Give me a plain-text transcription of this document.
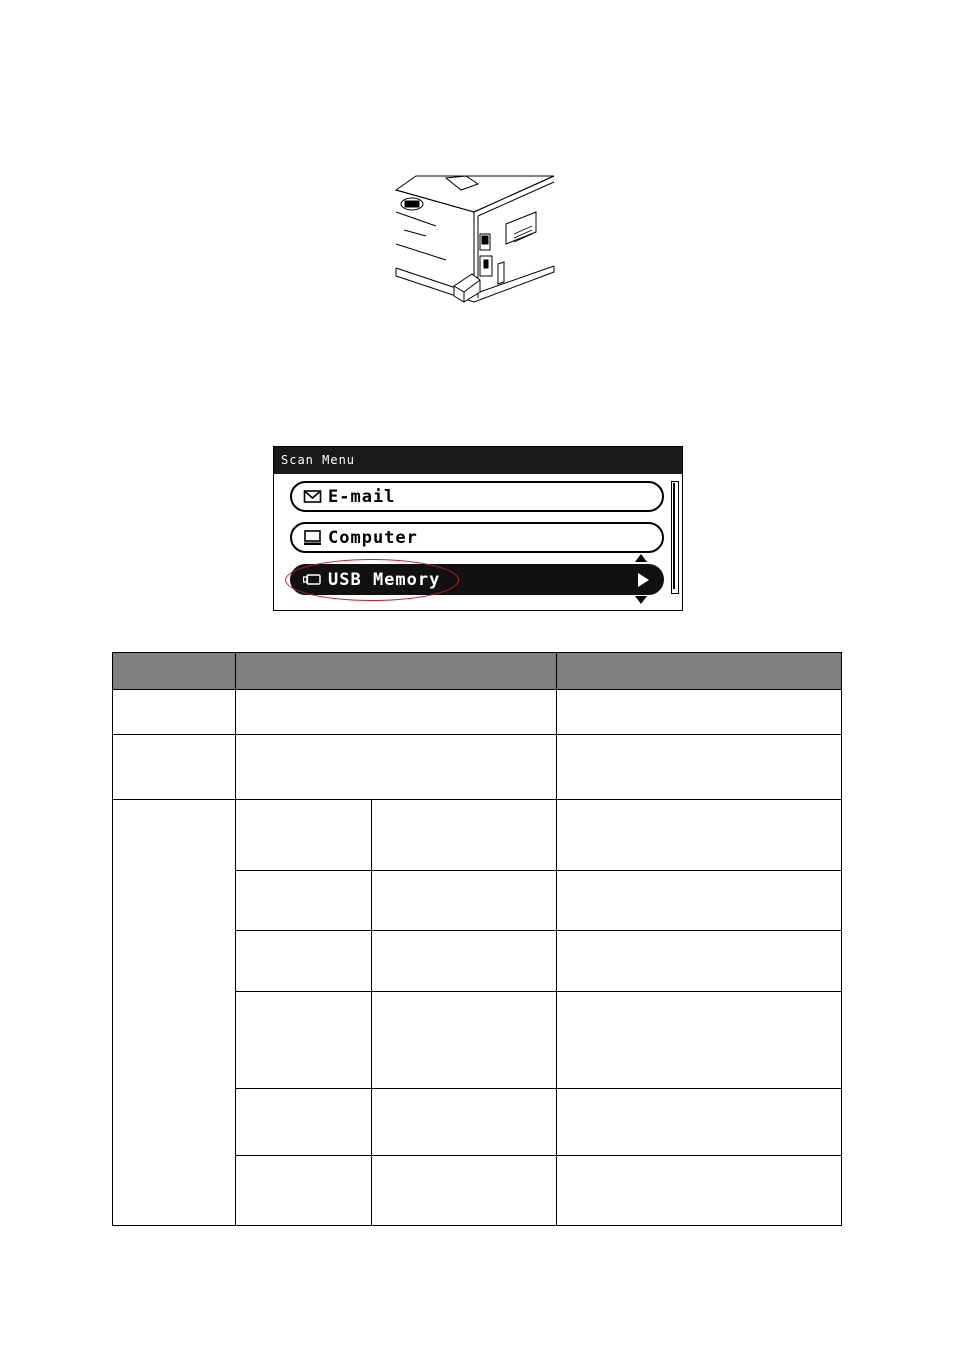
Scan Menu
E-mail
Computer
USB Memory
